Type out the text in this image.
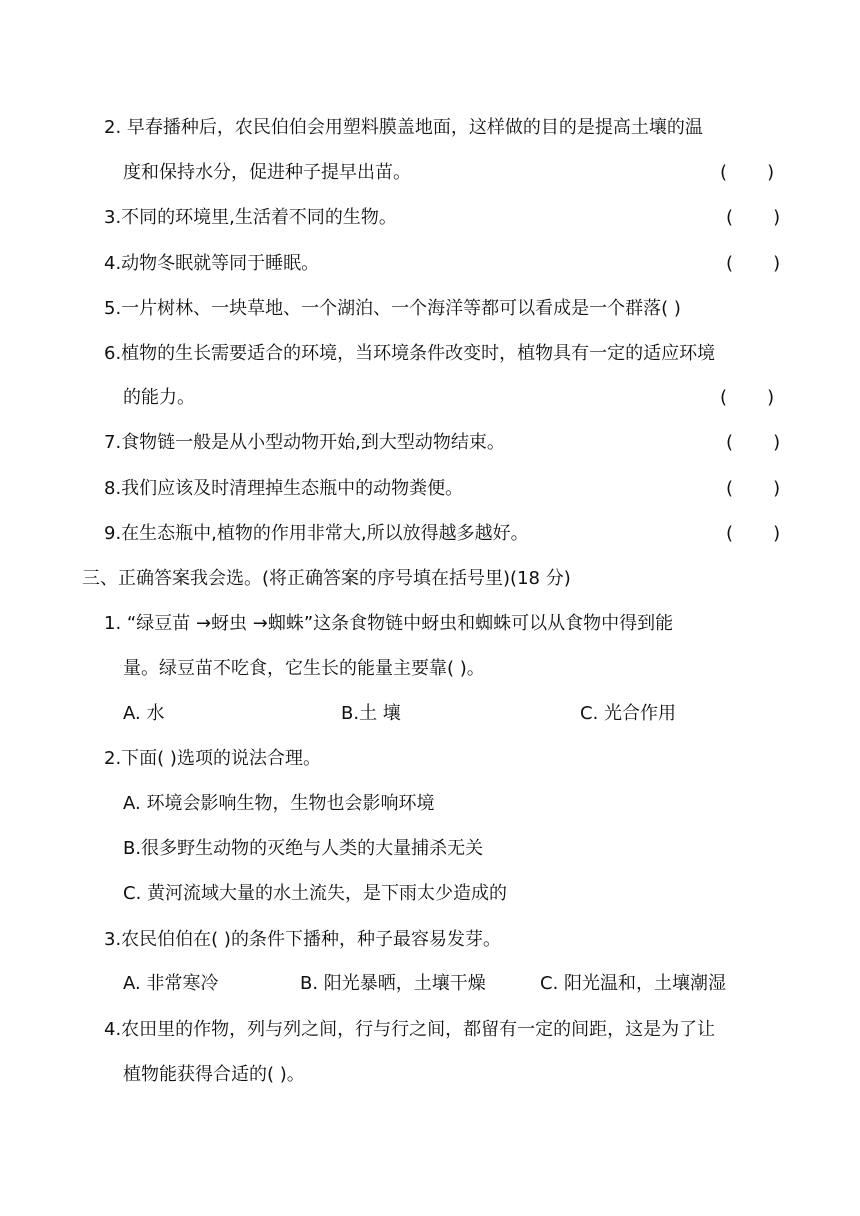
2. 早春播种后，农民伯伯会用塑料膜盖地面，这样做的目的是提高土壤的温
度和保持水分，促进种子提早出苗。	(       )
3.不同的环境里,生活着不同的生物。	(       )
4.动物冬眠就等同于睡眠。	(       )
5.一片树林、一块草地、一个湖泊、一个海洋等都可以看成是一个群落( )
6.植物的生长需要适合的环境，当环境条件改变时，植物具有一定的适应环境
的能力。	(       )
7.食物链一般是从小型动物开始,到大型动物结束。	(       )
8.我们应该及时清理掉生态瓶中的动物粪便。	(       )
9.在生态瓶中,植物的作用非常大,所以放得越多越好。	(       )
三、正确答案我会选。(将正确答案的序号填在括号里)(18 分)
1. “绿豆苗 →蚜虫 →蜘蛛”这条食物链中蚜虫和蜘蛛可以从食物中得到能
量。绿豆苗不吃食，它生长的能量主要靠( )。
A. 水	B.土 壤	C. 光合作用
2.下面( )选项的说法合理。
A. 环境会影响生物，生物也会影响环境
B.很多野生动物的灭绝与人类的大量捕杀无关
C. 黄河流域大量的水土流失，是下雨太少造成的
3.农民伯伯在( )的条件下播种，种子最容易发芽。
A. 非常寒冷	B. 阳光暴晒，土壤干燥	C. 阳光温和，土壤潮湿
4.农田里的作物，列与列之间，行与行之间，都留有一定的间距，这是为了让
植物能获得合适的( )。
